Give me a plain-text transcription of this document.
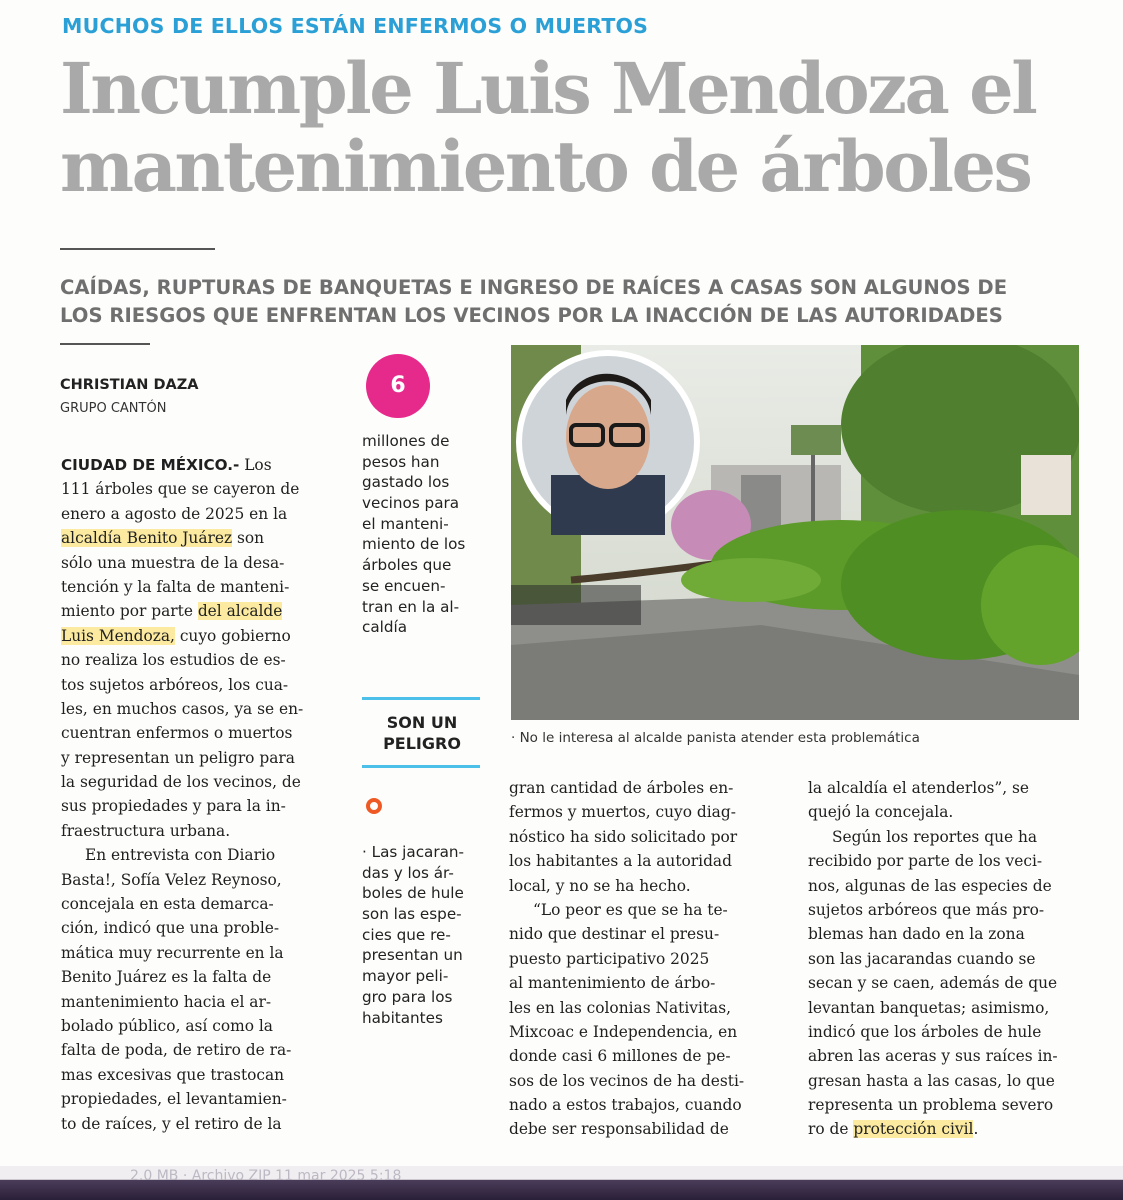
MUCHOS DE ELLOS ESTÁN ENFERMOS O MUERTOS
Incumple Luis Mendoza el
mantenimiento de árboles
CAÍDAS, RUPTURAS DE BANQUETAS E INGRESO DE RAÍCES A CASAS SON ALGUNOS DE
LOS RIESGOS QUE ENFRENTAN LOS VECINOS POR LA INACCIÓN DE LAS AUTORIDADES
CHRISTIAN DAZA
GRUPO CANTÓN
CIUDAD DE MÉXICO.- Los
111 árboles que se cayeron de
enero a agosto de 2025 en la
alcaldía Benito Juárez son
sólo una muestra de la desa-
tención y la falta de manteni-
miento por parte del alcalde
Luis Mendoza, cuyo gobierno
no realiza los estudios de es-
tos sujetos arbóreos, los cua-
les, en muchos casos, ya se en-
cuentran enfermos o muertos
y representan un peligro para
la seguridad de los vecinos, de
sus propiedades y para la in-
fraestructura urbana.
En entrevista con Diario
Basta!, Sofía Velez Reynoso,
concejala en esta demarca-
ción, indicó que una proble-
mática muy recurrente en la
Benito Juárez es la falta de
mantenimiento hacia el ar-
bolado público, así como la
falta de poda, de retiro de ra-
mas excesivas que trastocan
propiedades, el levantamien-
to de raíces, y el retiro de la
6
millones de
pesos han
gastado los
vecinos para
el manteni-
miento de los
árboles que
se encuen-
tran en la al-
caldía
SON UN
PELIGRO
· Las jacaran-
das y los ár-
boles de hule
son las espe-
cies que re-
presentan un
mayor peli-
gro para los
habitantes
· No le interesa al alcalde panista atender esta problemática
gran cantidad de árboles en-
fermos y muertos, cuyo diag-
nóstico ha sido solicitado por
los habitantes a la autoridad
local, y no se ha hecho.
“Lo peor es que se ha te-
nido que destinar el presu-
puesto participativo 2025
al mantenimiento de árbo-
les en las colonias Nativitas,
Mixcoac e Independencia, en
donde casi 6 millones de pe-
sos de los vecinos de ha desti-
nado a estos trabajos, cuando
debe ser responsabilidad de
la alcaldía el atenderlos”, se
quejó la concejala.
Según los reportes que ha
recibido por parte de los veci-
nos, algunas de las especies de
sujetos arbóreos que más pro-
blemas han dado en la zona
son las jacarandas cuando se
secan y se caen, además de que
levantan banquetas; asimismo,
indicó que los árboles de hule
abren las aceras y sus raíces in-
gresan hasta a las casas, lo que
representa un problema severo
ro de protección civil.
2.0 MB · Archivo ZIP 11 mar 2025 5:18
